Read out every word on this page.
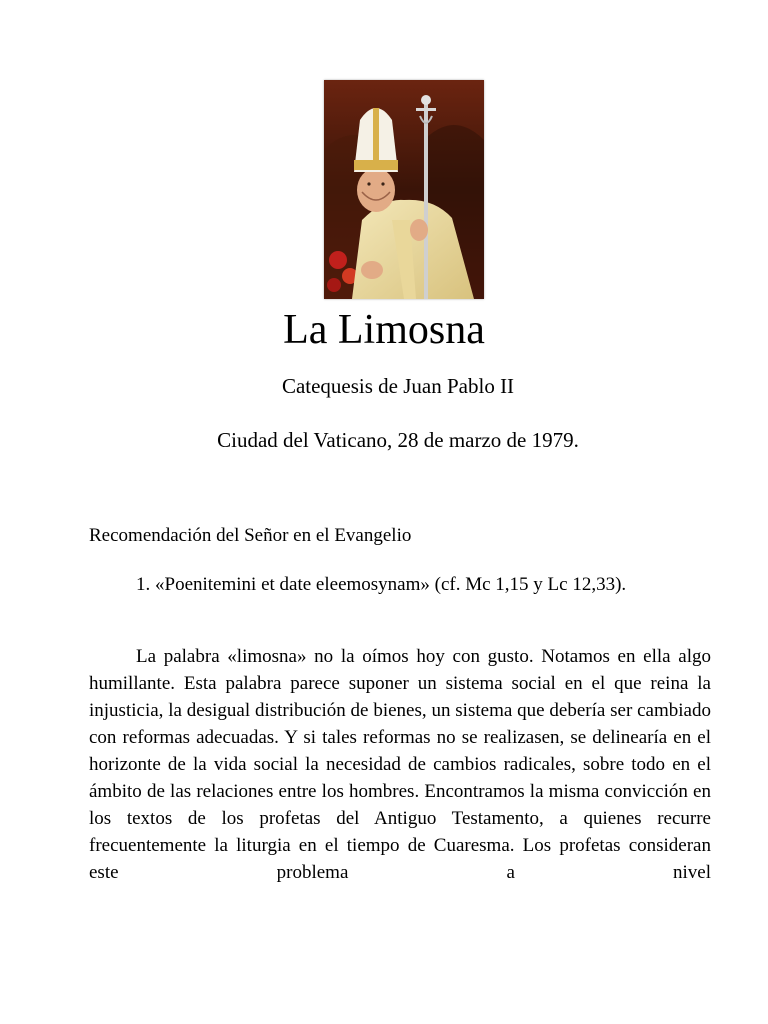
La Limosna

Catequesis de Juan Pablo II

Ciudad del Vaticano, 28 de marzo de 1979.

Recomendación del Señor en el Evangelio

1. «Poenitemini et date eleemosynam» (cf. Mc 1,15 y Lc 12,33).

La palabra «limosna» no la oímos hoy con gusto. Notamos en ella algo humillante. Esta palabra parece suponer un sistema social en el que reina la injusticia, la desigual distribución de bienes, un sistema que debería ser cambiado con reformas adecuadas. Y si tales reformas no se realizasen, se delinearía en el horizonte de la vida social la necesidad de cambios radicales, sobre todo en el ámbito de las relaciones entre los hombres. Encontramos la misma convicción en los textos de los profetas del Antiguo Testamento, a quienes recurre frecuentemente la liturgia en el tiempo de Cuaresma. Los profetas consideran este problema a nivel
